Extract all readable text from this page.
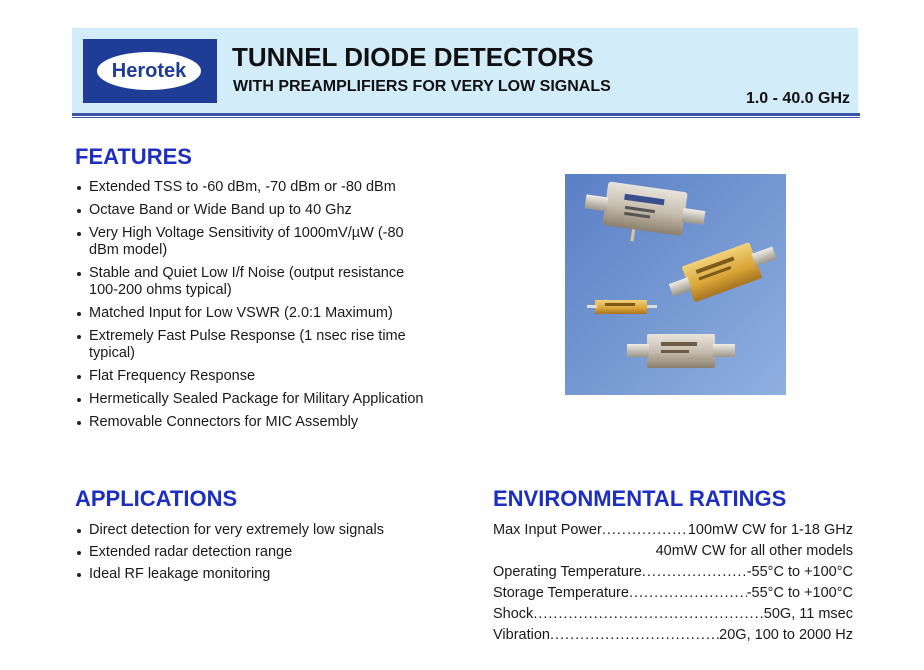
Herotek	TUNNEL DIODE DETECTORS
WITH PREAMPLIFIERS FOR VERY LOW SIGNALS
1.0 - 40.0 GHz
FEATURES
Extended TSS to -60 dBm, -70 dBm or -80 dBm
Octave Band or Wide Band up to 40 Ghz
Very High Voltage Sensitivity of 1000mV/µW (-80 dBm model)
Stable and Quiet Low I/f Noise (output resistance 100-200 ohms typical)
Matched Input for Low VSWR (2.0:1 Maximum)
Extremely Fast Pulse Response (1 nsec rise time typical)
Flat Frequency Response
Hermetically Sealed Package for Military Application
Removable Connectors for MIC Assembly
APPLICATIONS
Direct detection for very extremely low signals
Extended radar detection range
Ideal RF leakage monitoring
ENVIRONMENTAL RATINGS
Max Input Power .....	100mW CW for 1-18 GHz
40mW CW for all other models
Operating Temperature .....	-55°C to +100°C
Storage Temperature .....	-55°C to +100°C
Shock .....	50G, 11 msec
Vibration .....	20G, 100 to 2000 Hz
